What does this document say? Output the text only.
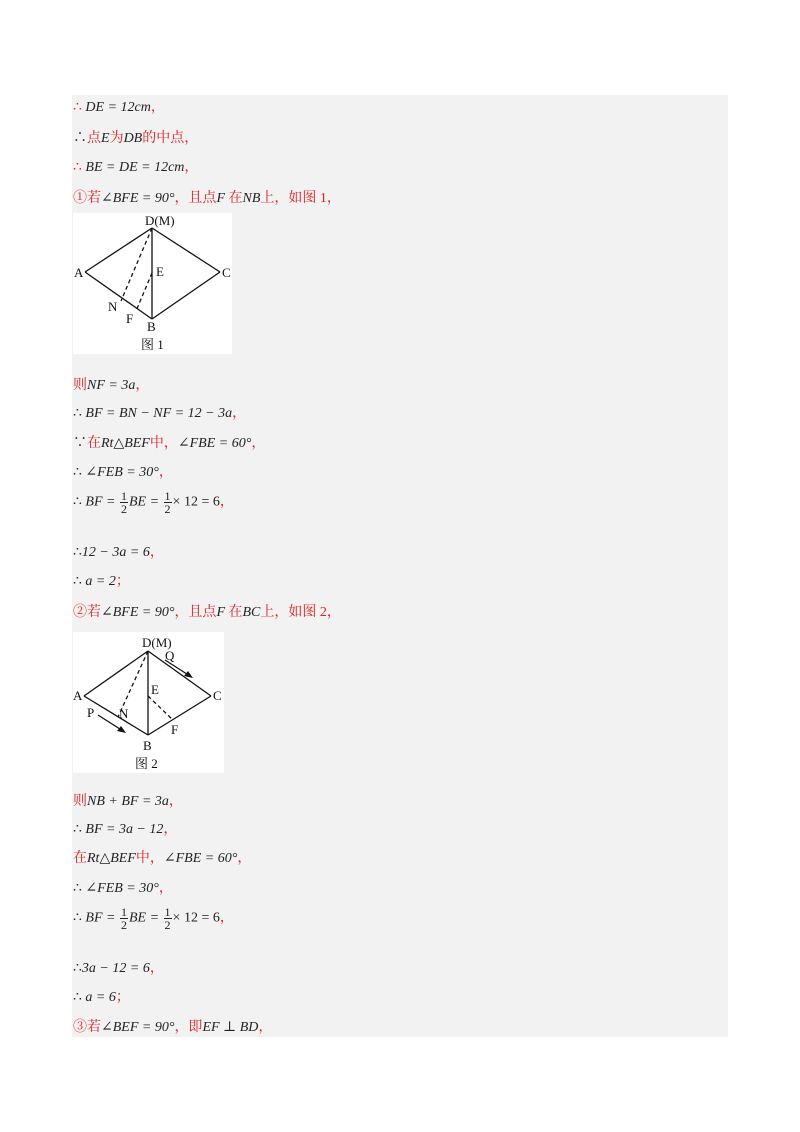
∴ DE = 12cm，
∴点E为DB的中点，
∴ BE = DE = 12cm，
①若∠BFE = 90°，且点F 在NB上，如图 1，
D(M)
A	C
E
N
F
B
图 1
则NF = 3a，
∴ BF = BN − NF = 12 − 3a，
∵在Rt△BEF中，∠FBE = 60°，
∴ ∠FEB = 30°，
∴ BF = $\frac{1}{2}$ BE = $\frac{1}{2} \times 12 = 6$，
∴12 − 3a = 6，
∴ a = 2；
②若∠BFE = 90°，且点F 在BC上，如图 2，
D(M)
Q
A	C
E
P N
F
B
图 2
则NB + BF = 3a，
∴ BF = 3a − 12，
在Rt△BEF中，∠FBE = 60°，
∴ ∠FEB = 30°，
∴ BF = $\frac{1}{2}$ BE = $\frac{1}{2} \times 12 = 6$，
∴3a − 12 = 6，
∴ a = 6；
③若∠BEF = 90°，即EF ⊥ BD，
